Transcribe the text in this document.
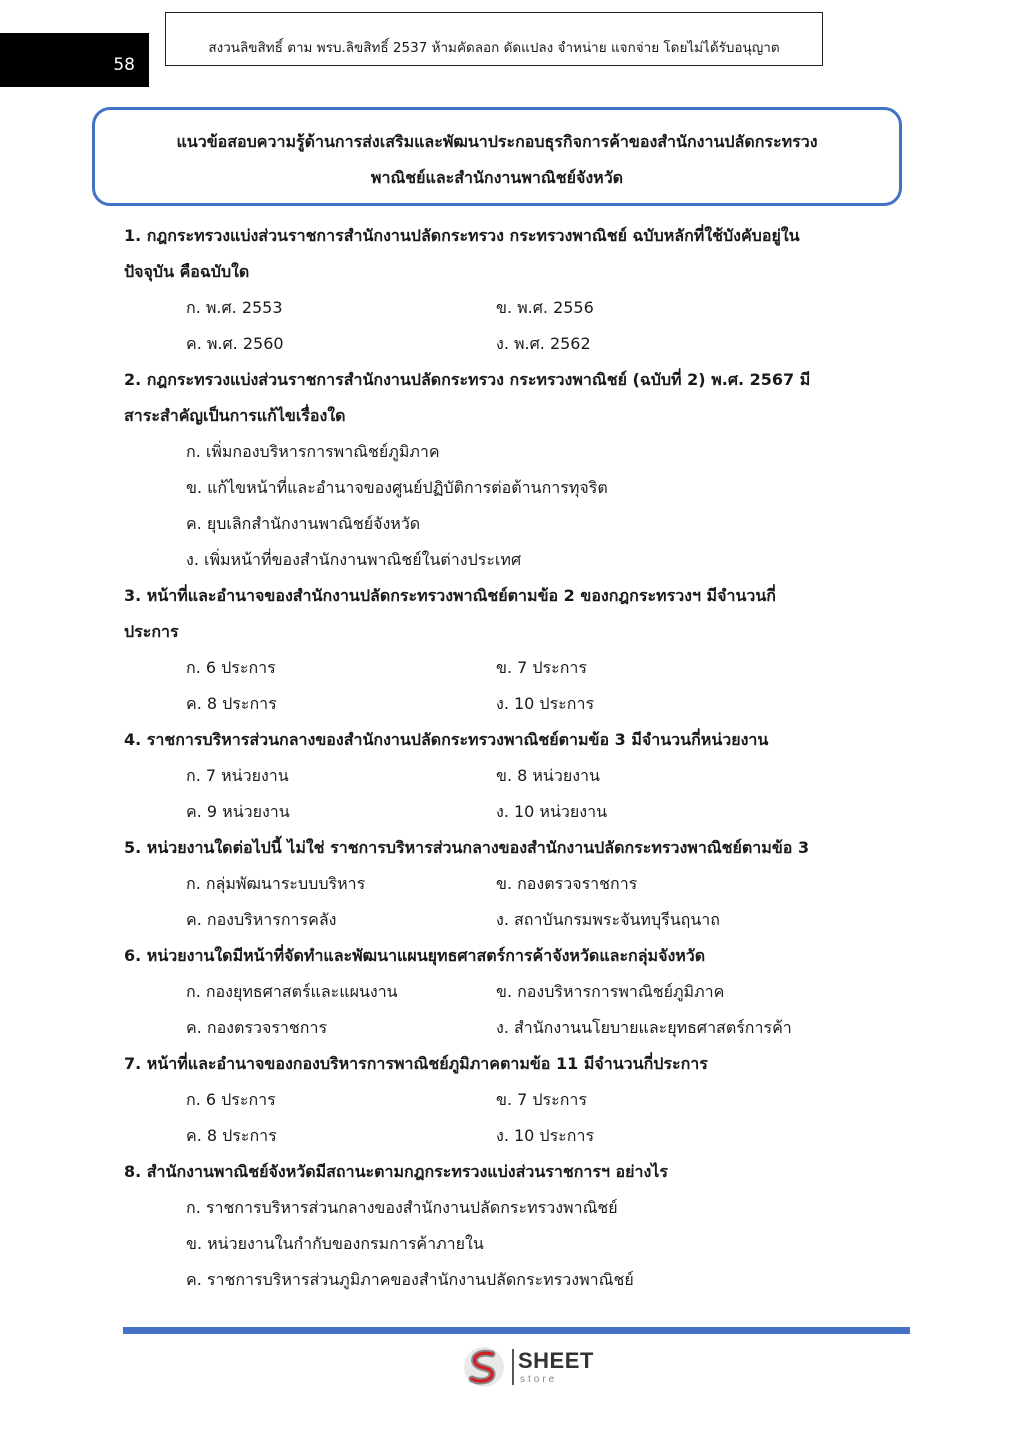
58
สงวนลิขสิทธิ์ ตาม พรบ.ลิขสิทธิ์ 2537 ห้ามคัดลอก ดัดแปลง จำหน่าย แจกจ่าย โดยไม่ได้รับอนุญาต
แนวข้อสอบความรู้ด้านการส่งเสริมและพัฒนาประกอบธุรกิจการค้าของสำนักงานปลัดกระทรวง
พาณิชย์และสำนักงานพาณิชย์จังหวัด

1. กฎกระทรวงแบ่งส่วนราชการสำนักงานปลัดกระทรวง กระทรวงพาณิชย์ ฉบับหลักที่ใช้บังคับอยู่ใน

ปัจจุบัน คือฉบับใด

ก. พ.ศ. 2553	ข. พ.ศ. 2556
ค. พ.ศ. 2560	ง. พ.ศ. 2562

2. กฎกระทรวงแบ่งส่วนราชการสำนักงานปลัดกระทรวง กระทรวงพาณิชย์ (ฉบับที่ 2) พ.ศ. 2567 มี

สาระสำคัญเป็นการแก้ไขเรื่องใด

ก. เพิ่มกองบริหารการพาณิชย์ภูมิภาค
ข. แก้ไขหน้าที่และอำนาจของศูนย์ปฏิบัติการต่อต้านการทุจริต
ค. ยุบเลิกสำนักงานพาณิชย์จังหวัด
ง. เพิ่มหน้าที่ของสำนักงานพาณิชย์ในต่างประเทศ

3. หน้าที่และอำนาจของสำนักงานปลัดกระทรวงพาณิชย์ตามข้อ 2 ของกฎกระทรวงฯ มีจำนวนกี่

ประการ

ก. 6 ประการ	ข. 7 ประการ
ค. 8 ประการ	ง. 10 ประการ

4. ราชการบริหารส่วนกลางของสำนักงานปลัดกระทรวงพาณิชย์ตามข้อ 3 มีจำนวนกี่หน่วยงาน

ก. 7 หน่วยงาน	ข. 8 หน่วยงาน
ค. 9 หน่วยงาน	ง. 10 หน่วยงาน

5. หน่วยงานใดต่อไปนี้ ไม่ใช่ ราชการบริหารส่วนกลางของสำนักงานปลัดกระทรวงพาณิชย์ตามข้อ 3

ก. กลุ่มพัฒนาระบบบริหาร	ข. กองตรวจราชการ
ค. กองบริหารการคลัง	ง. สถาบันกรมพระจันทบุรีนฤนาถ

6. หน่วยงานใดมีหน้าที่จัดทำและพัฒนาแผนยุทธศาสตร์การค้าจังหวัดและกลุ่มจังหวัด

ก. กองยุทธศาสตร์และแผนงาน	ข. กองบริหารการพาณิชย์ภูมิภาค
ค. กองตรวจราชการ	ง. สำนักงานนโยบายและยุทธศาสตร์การค้า

7. หน้าที่และอำนาจของกองบริหารการพาณิชย์ภูมิภาคตามข้อ 11 มีจำนวนกี่ประการ

ก. 6 ประการ	ข. 7 ประการ
ค. 8 ประการ	ง. 10 ประการ

8. สำนักงานพาณิชย์จังหวัดมีสถานะตามกฎกระทรวงแบ่งส่วนราชการฯ อย่างไร

ก. ราชการบริหารส่วนกลางของสำนักงานปลัดกระทรวงพาณิชย์
ข. หน่วยงานในกำกับของกรมการค้าภายใน
ค. ราชการบริหารส่วนภูมิภาคของสำนักงานปลัดกระทรวงพาณิชย์
SHEET
store
